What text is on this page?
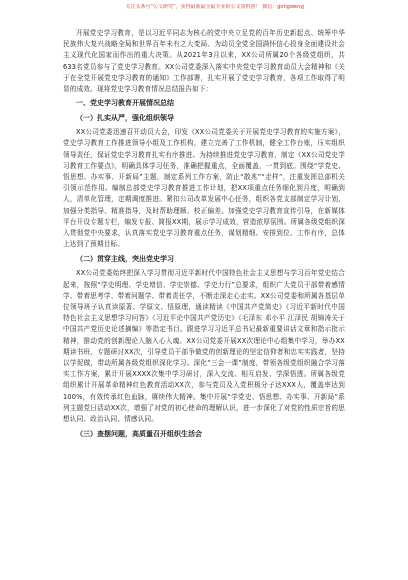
关注头条号“公文研究”，获得最新最全最专业的公文资料推！ 微信：gongwenyj

开展党史学习教育，是以习近平同志为核心的党中央立足党的百年历史新起点、统筹中华民族伟大复兴战略全局和世界百年未有之大变局、为动员全党全国满怀信心投身全面建设社会主义现代化国家而作出的重大决策。从2021年3月以来，XX公司所属20个各级党组织，共633名党员参与了党史学习教育。XX公司党委深入落实中央党史学习教育动员大会精神和《关于在全党开展党史学习教育的通知》工作部署，扎实开展了党史学习教育，各项工作取得了明显的成效。现将党史学习教育情况总结报告如下：

一、党史学习教育开展情况总结
（一）扎实从严，强化组织领导

XX公司党委迅速召开动员大会，印发《XX公司党委关于开展党史学习教育的实施方案》，党史学习教育工作推进领导小组及工作机构，建立完善了工作机制，健全工作台账，压实组织领导责任，保证党史学习教育扎实有序推进。为持续推进党史学习教育，制定《XX公司党史学习教育工作要点》，明确具体学习任务，准确把握重点，全面覆盖，一贯到底。围绕“学党史、悟思想、办实事、开新局”主题，制定系列工作方案，防止“散兆”“走样”，注重发挥总部机关引领示范作用。编制总部党史学习教育推进工作计划，把XX项重点任务细化到月度，明确到人，清单化管理，定期调度推进。紧扣公司改革发展中心任务，组织各党支部制定学习计划，加强分类指导、精准指导，及时帮助理顺、校正偏差。加强党史学习教育宣传引导，在新媒体平台开设专题专栏，编发专报、简报XX期，展示学习成效，营造浓厚氛围。所属各级党组织深入贯彻党中央要求，认真落实党史学习教育重点任务，谋划精细、安排到位、工作有序，总体上达到了预期目标。

（二）贯穿主线，突出党史学习

XX公司党委始终把深入学习贯彻习近平新时代中国特色社会主义思想与学习百年党史结合起来，按照“学史明理、学史增信、学史崇德、学史力行”总要求，组织广大党员干部带着感情学、带着思考学、带着问题学、带着责任学，不断走深走心走实。XX公司党委和所属各基层单位领导班子认真读原著、学原文、悟原理，通读精读《中国共产党简史》《习近平新时代中国特色社会主义思想学习问答》《习近平论中国共产党历史》《毛泽东 邓小平 江泽民 胡锦涛关于中国共产党历史论述摘编》等指定书目。跟进学习习近平总书记最新重要讲话文章和指示批示精神，推动党的创新理论入脑入心入魂。XX公司党委开展XX次理论中心组集中学习，举办XX期读书班，专题研讨XX次，引导党员干部争做党的创新理论的坚定信仰者和忠实实践者，坚持以学促做，带动所属各级党组织深化学习。深化“三会一课”制度，带领各级党组织融合学习落实工作方案，累计开展XXXX次集中学习研讨，深入交流、相互启发、学深悟透。所属各级党组织累计开展革命精神红色教育活动XX次，参与党员及入党积极分子达XXX人，覆盖率达到100%，有效传承红色血脉，赓续伟大精神。集中开展“学党史、悟思想、办实事、开新局”系列主题党日活动XX次，增强了对党的初心使命的理解认识，进一步深化了对党的性质宗旨的思想认同、政治认同、情感认同。

（三）查摆问题，高质量召开组织生活会
